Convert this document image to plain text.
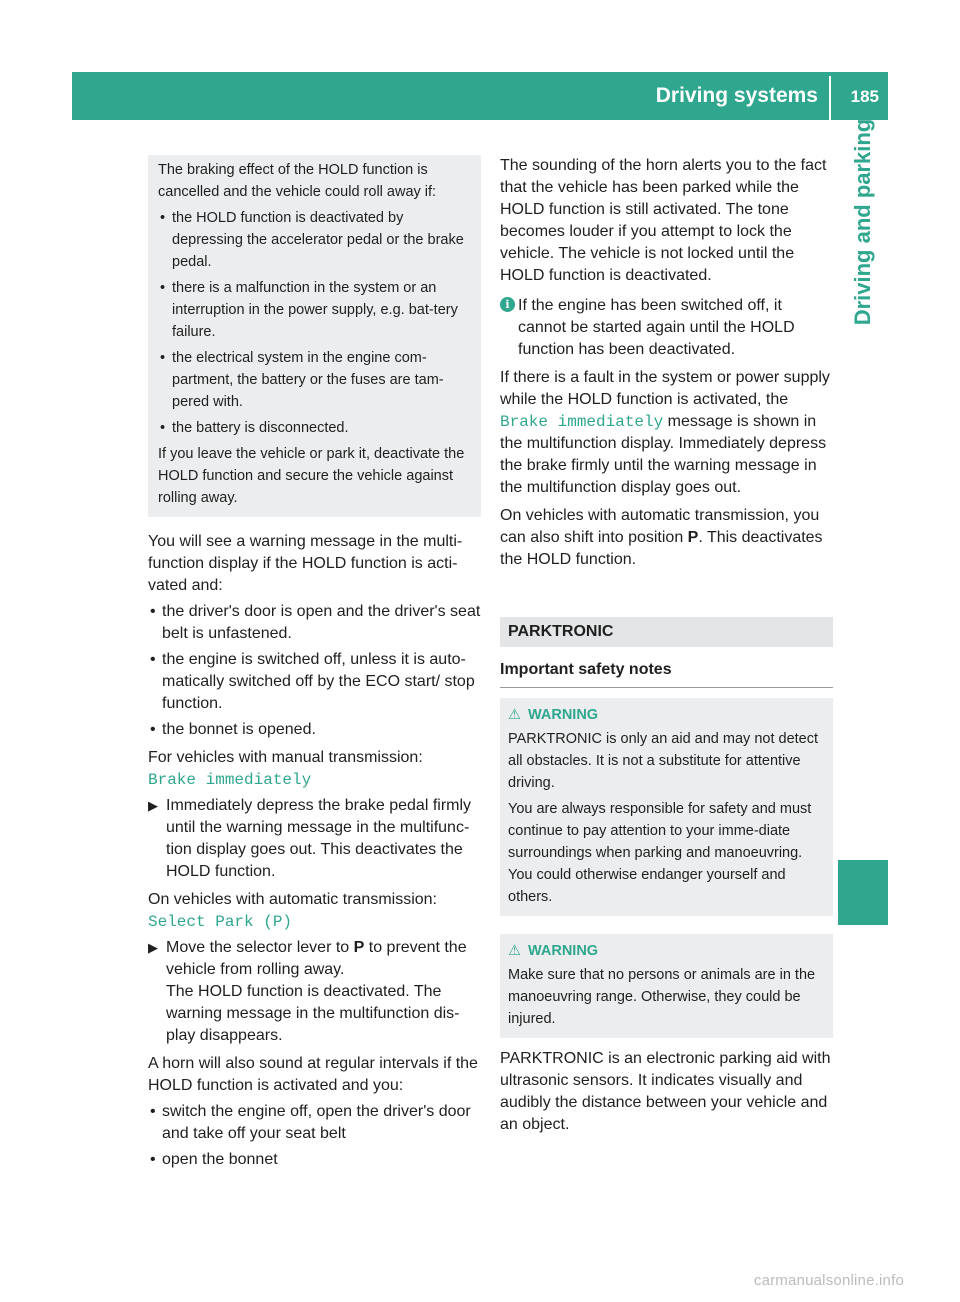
Driving systems 185
Driving and parking

The braking effect of the HOLD function is cancelled and the vehicle could roll away if:

• the HOLD function is deactivated by depressing the accelerator pedal or the brake pedal.
• there is a malfunction in the system or an interruption in the power supply, e.g. bat-tery failure.
• the electrical system in the engine com-partment, the battery or the fuses are tam-pered with.
• the battery is disconnected.

If you leave the vehicle or park it, deactivate the HOLD function and secure the vehicle against rolling away.

You will see a warning message in the multi-function display if the HOLD function is acti-vated and:

• the driver's door is open and the driver's seat belt is unfastened.
• the engine is switched off, unless it is auto-matically switched off by the ECO start/ stop function.
• the bonnet is opened.

For vehicles with manual transmission:

Brake immediately

▶ Immediately depress the brake pedal firmly until the warning message in the multifunc-tion display goes out. This deactivates the HOLD function.

On vehicles with automatic transmission:

Select Park (P)

▶ Move the selector lever to P to prevent the vehicle from rolling away.
The HOLD function is deactivated. The warning message in the multifunction dis-play disappears.

A horn will also sound at regular intervals if the HOLD function is activated and you:

• switch the engine off, open the driver's door and take off your seat belt
• open the bonnet

The sounding of the horn alerts you to the fact that the vehicle has been parked while the HOLD function is still activated. The tone becomes louder if you attempt to lock the vehicle. The vehicle is not locked until the HOLD function is deactivated.

i If the engine has been switched off, it cannot be started again until the HOLD function has been deactivated.

If there is a fault in the system or power supply while the HOLD function is activated, the Brake immediately message is shown in the multifunction display. Immediately depress the brake firmly until the warning message in the multifunction display goes out.

On vehicles with automatic transmission, you can also shift into position P. This deactivates the HOLD function.

PARKTRONIC
Important safety notes
⚠ WARNING

PARKTRONIC is only an aid and may not detect all obstacles. It is not a substitute for attentive driving.

You are always responsible for safety and must continue to pay attention to your imme-diate surroundings when parking and manoeuvring. You could otherwise endanger yourself and others.

⚠ WARNING

Make sure that no persons or animals are in the manoeuvring range. Otherwise, they could be injured.

PARKTRONIC is an electronic parking aid with ultrasonic sensors. It indicates visually and audibly the distance between your vehicle and an object.

carmanualsonline.info
